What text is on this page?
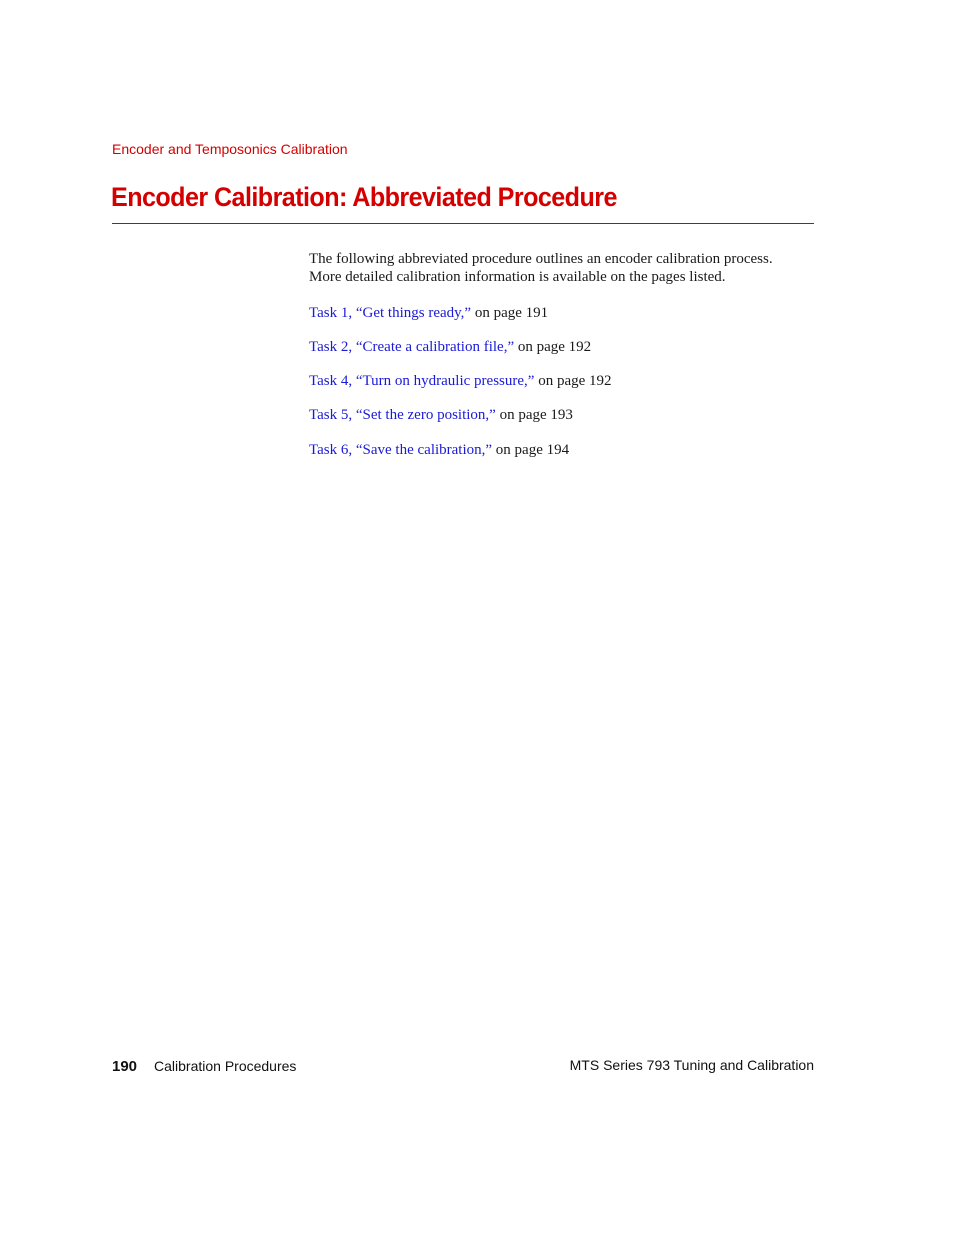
Encoder and Temposonics Calibration
Encoder Calibration: Abbreviated Procedure

The following abbreviated procedure outlines an encoder calibration process.
More detailed calibration information is available on the pages listed.

Task 1, “Get things ready,” on page 191
Task 2, “Create a calibration file,” on page 192
Task 4, “Turn on hydraulic pressure,” on page 192
Task 5, “Set the zero position,” on page 193
Task 6, “Save the calibration,” on page 194
190 Calibration Procedures	MTS Series 793 Tuning and Calibration
